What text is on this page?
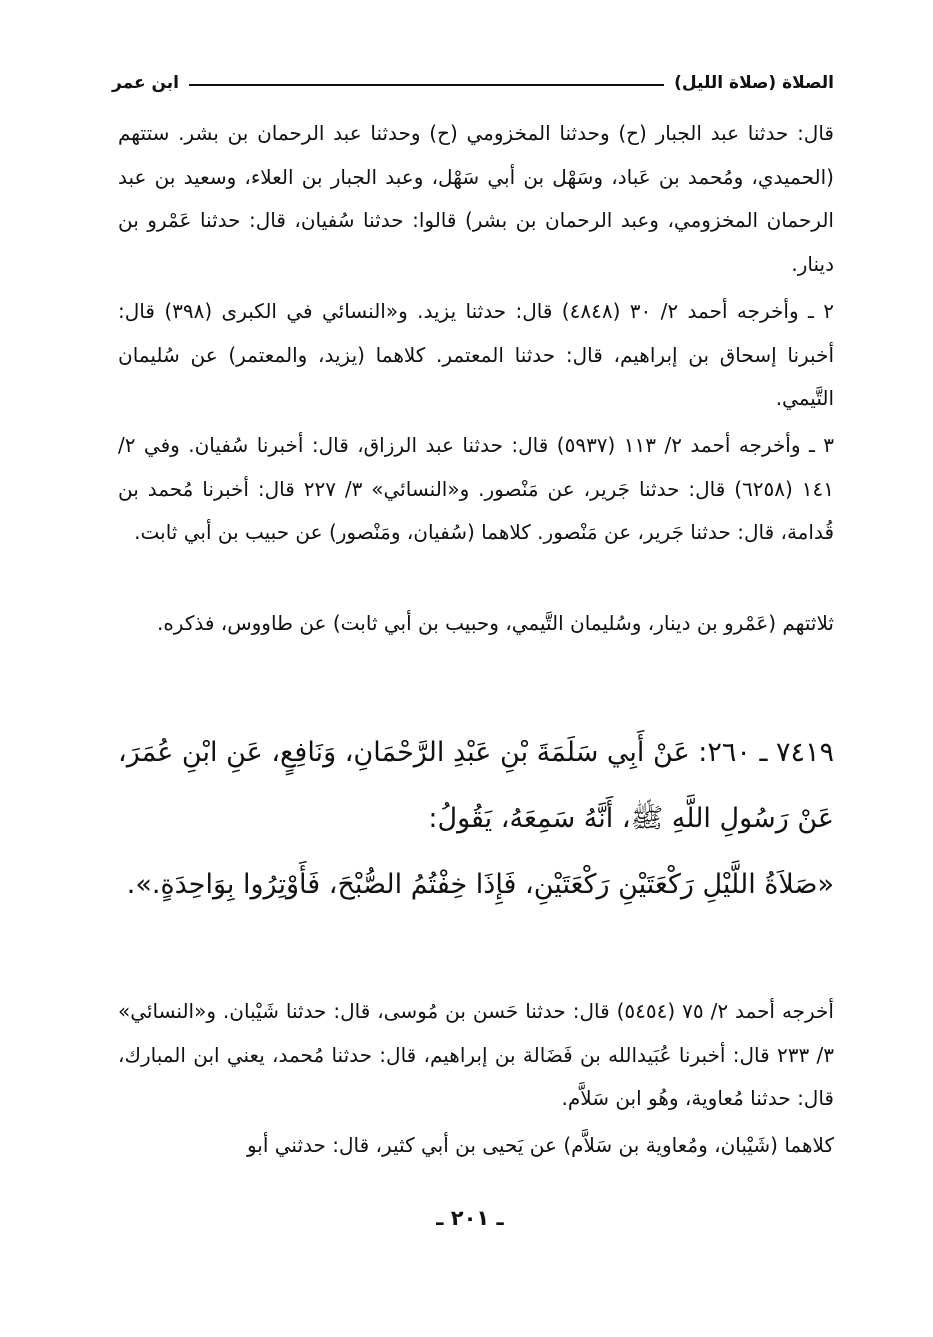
الصلاة (صلاة الليل)
ابن عمر

قال: حدثنا عبد الجبار (ح) وحدثنا المخزومي (ح) وحدثنا عبد الرحمان بن بشر. ستتهم (الحميدي، ومُحمد بن عَباد، وسَهْل بن أبي سَهْل، وعبد الجبار بن العلاء، وسعيد بن عبد الرحمان المخزومي، وعبد الرحمان بن بشر) قالوا: حدثنا سُفيان، قال: حدثنا عَمْرو بن دينار.

٢ ـ وأخرجه أحمد ٢/ ٣٠ (٤٨٤٨) قال: حدثنا يزيد. و«النسائي في الكبرى (٣٩٨) قال: أخبرنا إسحاق بن إبراهيم، قال: حدثنا المعتمر. كلاهما (يزيد، والمعتمر) عن سُليمان التَّيمي.

٣ ـ وأخرجه أحمد ٢/ ١١٣ (٥٩٣٧) قال: حدثنا عبد الرزاق، قال: أخبرنا سُفيان. وفي ٢/ ١٤١ (٦٢٥٨) قال: حدثنا جَرير، عن مَنْصور. و«النسائي» ٣/ ٢٢٧ قال: أخبرنا مُحمد بن قُدامة، قال: حدثنا جَرير، عن مَنْصور. كلاهما (سُفيان، ومَنْصور) عن حبيب بن أبي ثابت.

ثلاثتهم (عَمْرو بن دينار، وسُليمان التَّيمي، وحبيب بن أبي ثابت) عن طاووس، فذكره.

٧٤١٩ ـ ٢٦٠: عَنْ أَبِي سَلَمَةَ بْنِ عَبْدِ الرَّحْمَانِ، وَنَافِعٍ، عَنِ ابْنِ عُمَرَ، عَنْ رَسُولِ اللَّهِ ﷺ، أَنَّهُ سَمِعَهُ، يَقُولُ:

«صَلاَةُ اللَّيْلِ رَكْعَتَيْنِ رَكْعَتَيْنِ، فَإِذَا خِفْتُمُ الصُّبْحَ، فَأَوْتِرُوا بِوَاحِدَةٍ.».

أخرجه أحمد ٢/ ٧٥ (٥٤٥٤) قال: حدثنا حَسن بن مُوسى، قال: حدثنا شَيْبان. و«النسائي» ٣/ ٢٣٣ قال: أخبرنا عُبَيدالله بن فَضَالة بن إبراهيم، قال: حدثنا مُحمد، يعني ابن المبارك، قال: حدثنا مُعاوية، وهُو ابن سَلاَّم.

كلاهما (شَيْبان، ومُعاوية بن سَلاَّم) عن يَحيى بن أبي كثير، قال: حدثني أبو

ـ ٢٠١ ـ
